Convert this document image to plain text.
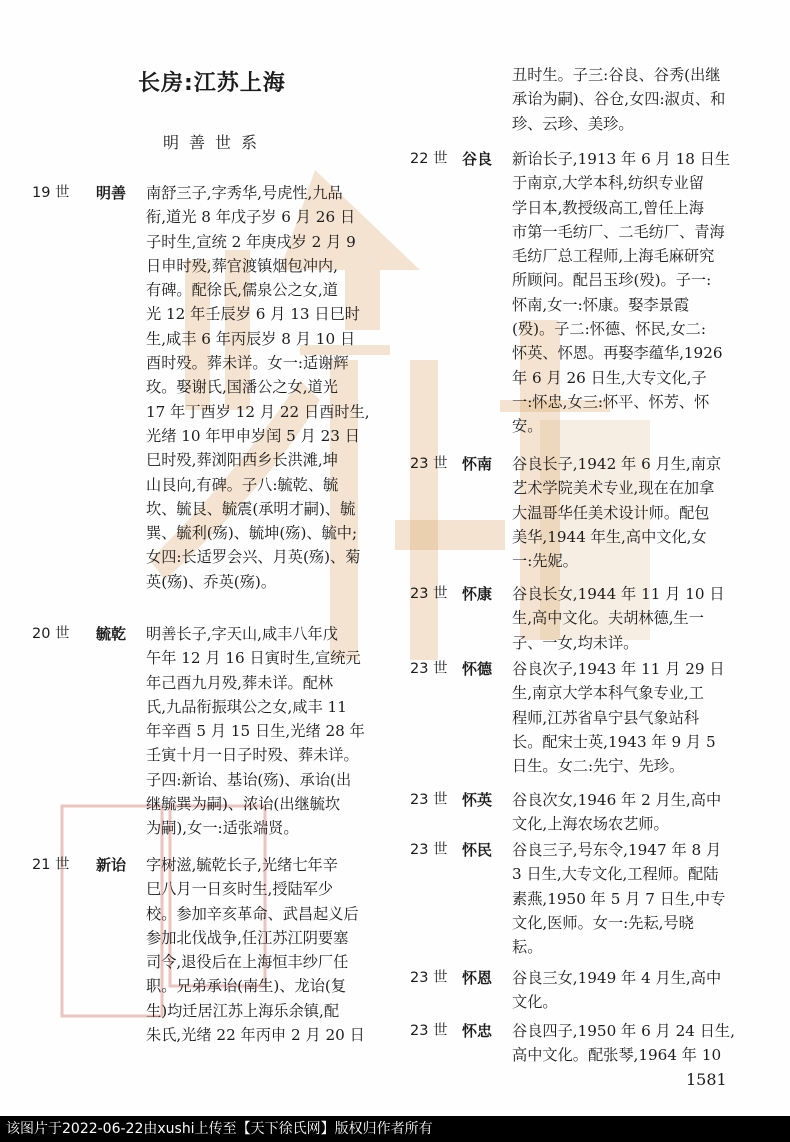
长房:江苏上海
明善世系
19 世 明善 南舒三子,字秀华,号虎性,九品
衔,道光 8 年戊子岁 6 月 26 日
子时生,宣统 2 年庚戌岁 2 月 9
日申时殁,葬官渡镇烟包冲内,
有碑。配徐氏,儒泉公之女,道
光 12 年壬辰岁 6 月 13 日巳时
生,咸丰 6 年丙辰岁 8 月 10 日
酉时殁。葬未详。女一:适谢辉
玫。娶谢氏,国潘公之女,道光
17 年丁酉岁 12 月 22 日酉时生,
光绪 10 年甲申岁闰 5 月 23 日
巳时殁,葬浏阳西乡长洪滩,坤
山艮向,有碑。子八:毓乾、毓
坎、毓艮、毓震(承明才嗣)、毓
巽、毓利(殇)、毓坤(殇)、毓中;
女四:长适罗会兴、月英(殇)、菊
英(殇)、乔英(殇)。
20 世 毓乾 明善长子,字天山,咸丰八年戊
午年 12 月 16 日寅时生,宣统元
年己酉九月殁,葬未详。配林
氏,九品衔振琪公之女,咸丰 11
年辛酉 5 月 15 日生,光绪 28 年
壬寅十月一日子时殁、葬未详。
子四:新诒、基诒(殇)、承诒(出
继毓巽为嗣)、浓诒(出继毓坎
为嗣),女一:适张端贤。
21 世 新诒 字树滋,毓乾长子,光绪七年辛
巳八月一日亥时生,授陆军少
校。参加辛亥革命、武昌起义后
参加北伐战争,任江苏江阴要塞
司令,退役后在上海恒丰纱厂任
职。兄弟承诒(南生)、龙诒(复
生)均迁居江苏上海乐余镇,配
朱氏,光绪 22 年丙申 2 月 20 日
丑时生。子三:谷良、谷秀(出继
承诒为嗣)、谷仓,女四:淑贞、和
珍、云珍、美珍。
22 世 谷良 新诒长子,1913 年 6 月 18 日生
于南京,大学本科,纺织专业留
学日本,教授级高工,曾任上海
市第一毛纺厂、二毛纺厂、青海
毛纺厂总工程师,上海毛麻研究
所顾问。配吕玉珍(殁)。子一:
怀南,女一:怀康。娶李景霞
(殁)。子二:怀德、怀民,女二:
怀英、怀恩。再娶李蕴华,1926
年 6 月 26 日生,大专文化,子
一:怀忠,女三:怀平、怀芳、怀
安。
23 世 怀南 谷良长子,1942 年 6 月生,南京
艺术学院美术专业,现在在加拿
大温哥华任美术设计师。配包
美华,1944 年生,高中文化,女
一:先妮。
23 世 怀康 谷良长女,1944 年 11 月 10 日
生,高中文化。夫胡林德,生一
子、一女,均未详。
23 世 怀德 谷良次子,1943 年 11 月 29 日
生,南京大学本科气象专业,工
程师,江苏省阜宁县气象站科
长。配宋士英,1943 年 9 月 5
日生。女二:先宁、先珍。
23 世 怀英 谷良次女,1946 年 2 月生,高中
文化,上海农场农艺师。
23 世 怀民 谷良三子,号东令,1947 年 8 月
3 日生,大专文化,工程师。配陆
素燕,1950 年 5 月 7 日生,中专
文化,医师。女一:先耘,号晓
耘。
23 世 怀恩 谷良三女,1949 年 4 月生,高中
文化。
23 世 怀忠 谷良四子,1950 年 6 月 24 日生,
高中文化。配张琴,1964 年 10
1581
该图片于2022-06-22由xushi上传至【天下徐氏网】版权归作者所有
